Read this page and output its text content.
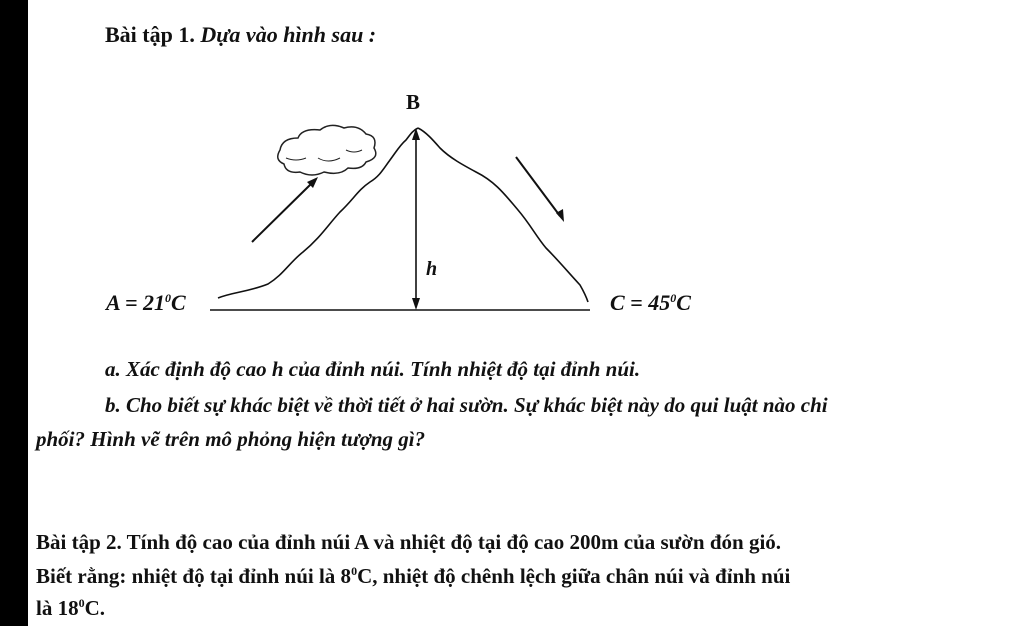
Bài tập 1. Dựa vào hình sau :
B
h
$A = 21^0C$	$C = 45^0C$
a. Xác định độ cao h của đỉnh núi. Tính nhiệt độ tại đỉnh núi.
b. Cho biết sự khác biệt về thời tiết ở hai sườn. Sự khác biệt này do qui luật nào chi
phối? Hình vẽ trên mô phỏng hiện tượng gì?
Bài tập 2. Tính độ cao của đỉnh núi A và nhiệt độ tại độ cao 200m của sườn đón gió.
Biết rằng: nhiệt độ tại đỉnh núi là $8^0C$, nhiệt độ chênh lệch giữa chân núi và đỉnh núi
là $18^0C$.
